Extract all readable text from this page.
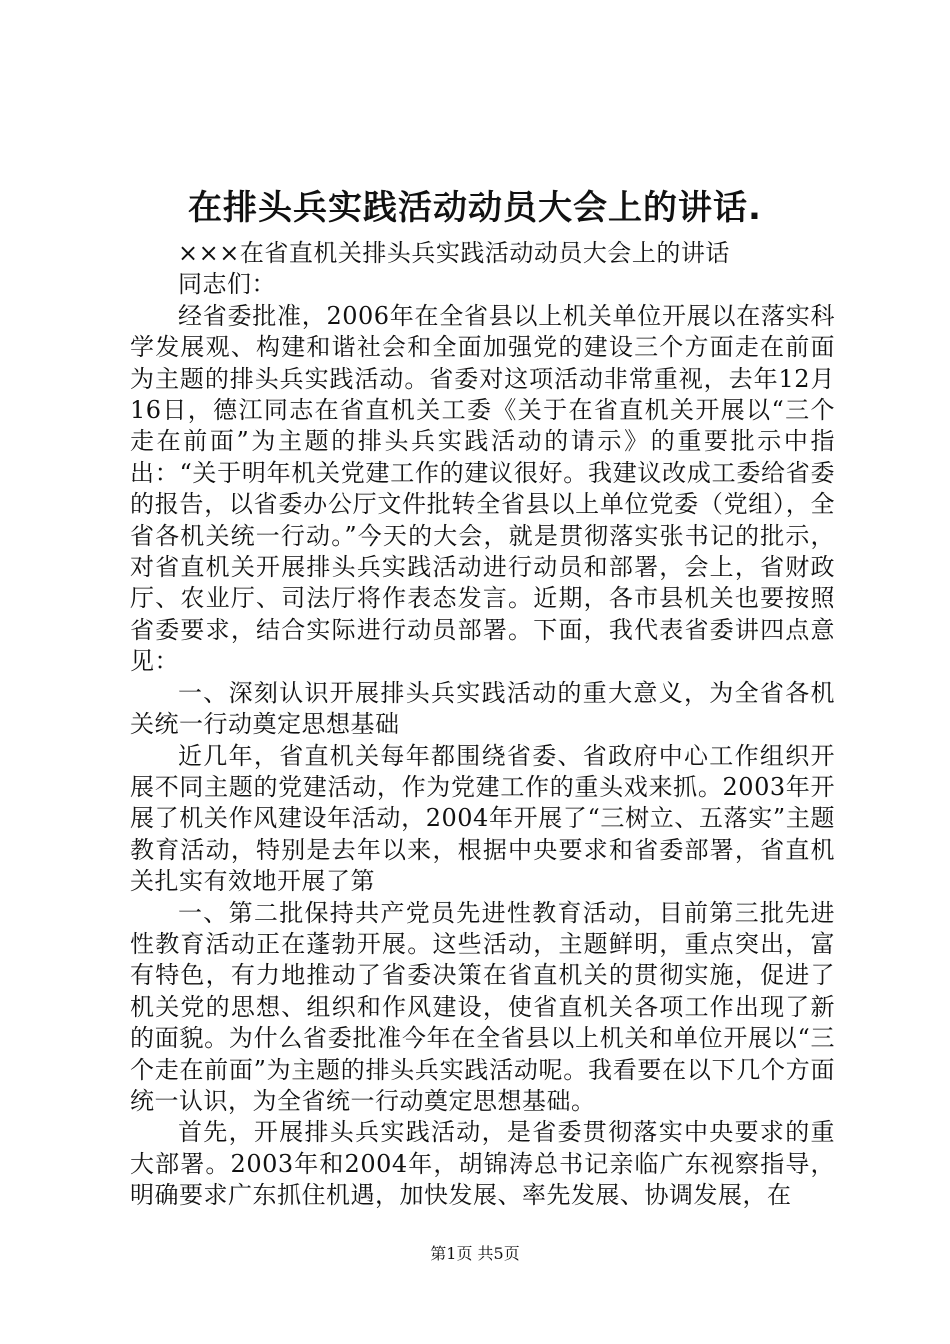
在排头兵实践活动动员大会上的讲话.

×××在省直机关排头兵实践活动动员大会上的讲话

同志们：

经省委批准，2006年在全省县以上机关单位开展以在落实科学发展观、构建和谐社会和全面加强党的建设三个方面走在前面为主题的排头兵实践活动。省委对这项活动非常重视，去年12月16日，德江同志在省直机关工委《关于在省直机关开展以“三个走在前面”为主题的排头兵实践活动的请示》的重要批示中指出：“关于明年机关党建工作的建议很好。我建议改成工委给省委的报告，以省委办公厅文件批转全省县以上单位党委（党组），全省各机关统一行动。”今天的大会，就是贯彻落实张书记的批示，对省直机关开展排头兵实践活动进行动员和部署，会上，省财政厅、农业厅、司法厅将作表态发言。近期，各市县机关也要按照省委要求，结合实际进行动员部署。下面，我代表省委讲四点意见：

一、深刻认识开展排头兵实践活动的重大意义，为全省各机关统一行动奠定思想基础

近几年，省直机关每年都围绕省委、省政府中心工作组织开展不同主题的党建活动，作为党建工作的重头戏来抓。2003年开展了机关作风建设年活动，2004年开展了“三树立、五落实”主题教育活动，特别是去年以来，根据中央要求和省委部署，省直机关扎实有效地开展了第

一、第二批保持共产党员先进性教育活动，目前第三批先进性教育活动正在蓬勃开展。这些活动，主题鲜明，重点突出，富有特色，有力地推动了省委决策在省直机关的贯彻实施，促进了机关党的思想、组织和作风建设，使省直机关各项工作出现了新的面貌。为什么省委批准今年在全省县以上机关和单位开展以“三个走在前面”为主题的排头兵实践活动呢。我看要在以下几个方面统一认识，为全省统一行动奠定思想基础。

首先，开展排头兵实践活动，是省委贯彻落实中央要求的重大部署。2003年和2004年，胡锦涛总书记亲临广东视察指导，明确要求广东抓住机遇，加快发展、率先发展、协调发展，在

第1页 共5页
